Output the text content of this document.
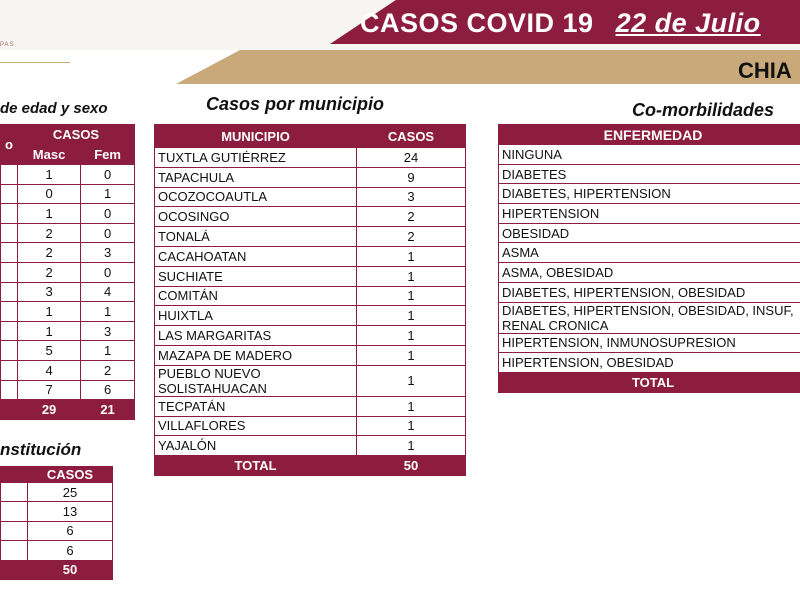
CASOS COVID 19 22 de Julio
CHIA
PAS
de edad y sexo	Casos por municipio	Co-morbilidades
nstitución
o	CASOS	
	Masc	Fem
	1	0
	0	1
	1	0
	2	0
	2	3
	2	0
	3	4
	1	1
	1	3
	5	1
	4	2
	7	6
	29	21
	CASOS
	25
	13
	6
	6
	50
MUNICIPIO	CASOS
TUXTLA GUTIÉRREZ	24
TAPACHULA	9
OCOZOCOAUTLA	3
OCOSINGO	2
TONALÁ	2
CACAHOATAN	1
SUCHIATE	1
COMITÁN	1
HUIXTLA	1
LAS MARGARITAS	1
MAZAPA DE MADERO	1
PUEBLO NUEVO SOLISTAHUACAN	1
TECPATÁN	1
VILLAFLORES	1
YAJALÓN	1
TOTAL	50
ENFERMEDAD
NINGUNA
DIABETES
DIABETES, HIPERTENSION
HIPERTENSION
OBESIDAD
ASMA
ASMA, OBESIDAD
DIABETES, HIPERTENSION, OBESIDAD
DIABETES, HIPERTENSION, OBESIDAD, INSUF, RENAL CRONICA
HIPERTENSION, INMUNOSUPRESION
HIPERTENSION, OBESIDAD
TOTAL
